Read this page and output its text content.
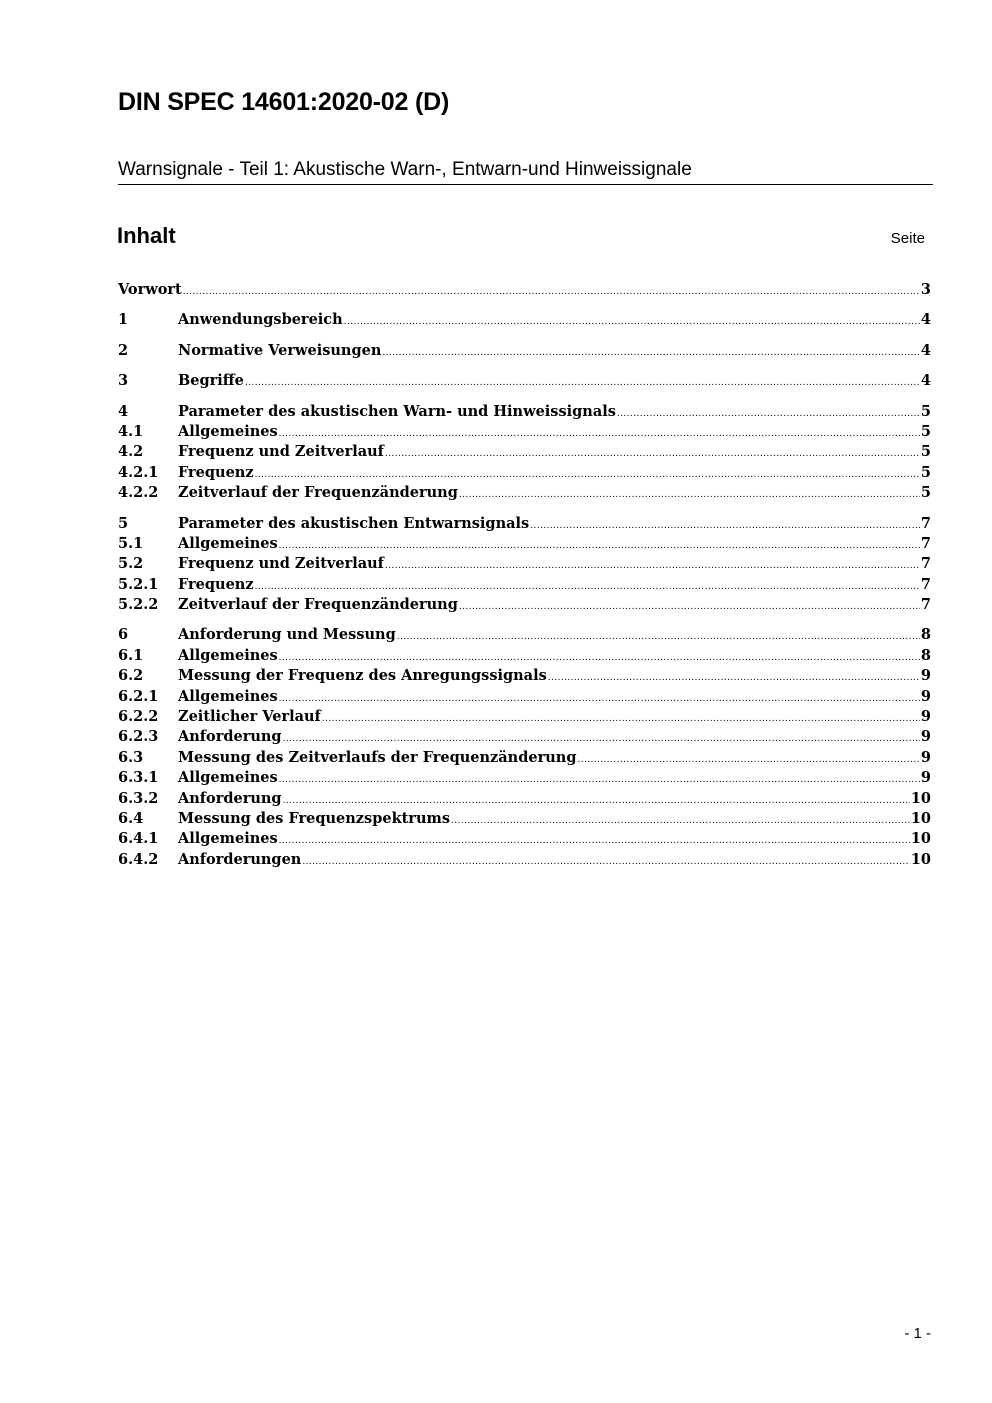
DIN SPEC 14601:2020-02 (D)
Warnsignale - Teil 1: Akustische Warn-, Entwarn-und Hinweissignale
Inhalt	Seite
Vorwort .....	3
1	Anwendungsbereich .....	4
2	Normative Verweisungen .....	4
3	Begriffe .....	4
4	Parameter des akustischen Warn- und Hinweissignals .....	5
4.1	Allgemeines .....	5
4.2	Frequenz und Zeitverlauf .....	5
4.2.1	Frequenz .....	5
4.2.2	Zeitverlauf der Frequenzänderung .....	5
5	Parameter des akustischen Entwarnsignals .....	7
5.1	Allgemeines .....	7
5.2	Frequenz und Zeitverlauf .....	7
5.2.1	Frequenz .....	7
5.2.2	Zeitverlauf der Frequenzänderung .....	7
6	Anforderung und Messung .....	8
6.1	Allgemeines .....	8
6.2	Messung der Frequenz des Anregungssignals .....	9
6.2.1	Allgemeines .....	9
6.2.2	Zeitlicher Verlauf .....	9
6.2.3	Anforderung .....	9
6.3	Messung des Zeitverlaufs der Frequenzänderung .....	9
6.3.1	Allgemeines .....	9
6.3.2	Anforderung .....	10
6.4	Messung des Frequenzspektrums .....	10
6.4.1	Allgemeines .....	10
6.4.2	Anforderungen .....	10
- 1 -
